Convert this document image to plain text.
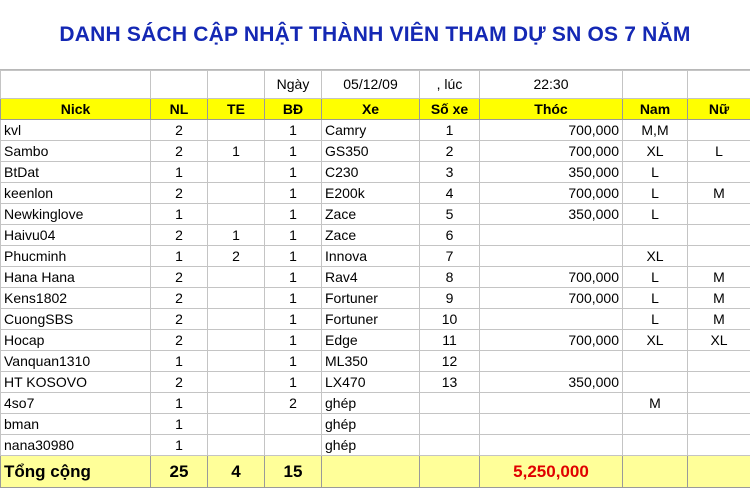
DANH SÁCH CẬP NHẬT THÀNH VIÊN THAM DỰ SN OS 7 NĂM
			Ngày	05/12/09	, lúc	22:30		
Nick	NL	TE	BĐ	Xe	Số xe	Thóc	Nam	Nữ
kvl	2		1	Camry	1	700,000	M,M	
Sambo	2	1	1	GS350	2	700,000	XL	L
BtDat	1		1	C230	3	350,000	L	
keenlon	2		1	E200k	4	700,000	L	M
Newkinglove	1		1	Zace	5	350,000	L	
Haivu04	2	1	1	Zace	6			
Phucminh	1	2	1	Innova	7		XL	
Hana Hana	2		1	Rav4	8	700,000	L	M
Kens1802	2		1	Fortuner	9	700,000	L	M
CuongSBS	2		1	Fortuner	10		L	M
Hocap	2		1	Edge	11	700,000	XL	XL
Vanquan1310	1		1	ML350	12			
HT KOSOVO	2		1	LX470	13	350,000		
4so7	1		2	ghép			M	
bman	1			ghép				
nana30980	1			ghép				
Tổng cộng	25	4	15			5,250,000		
